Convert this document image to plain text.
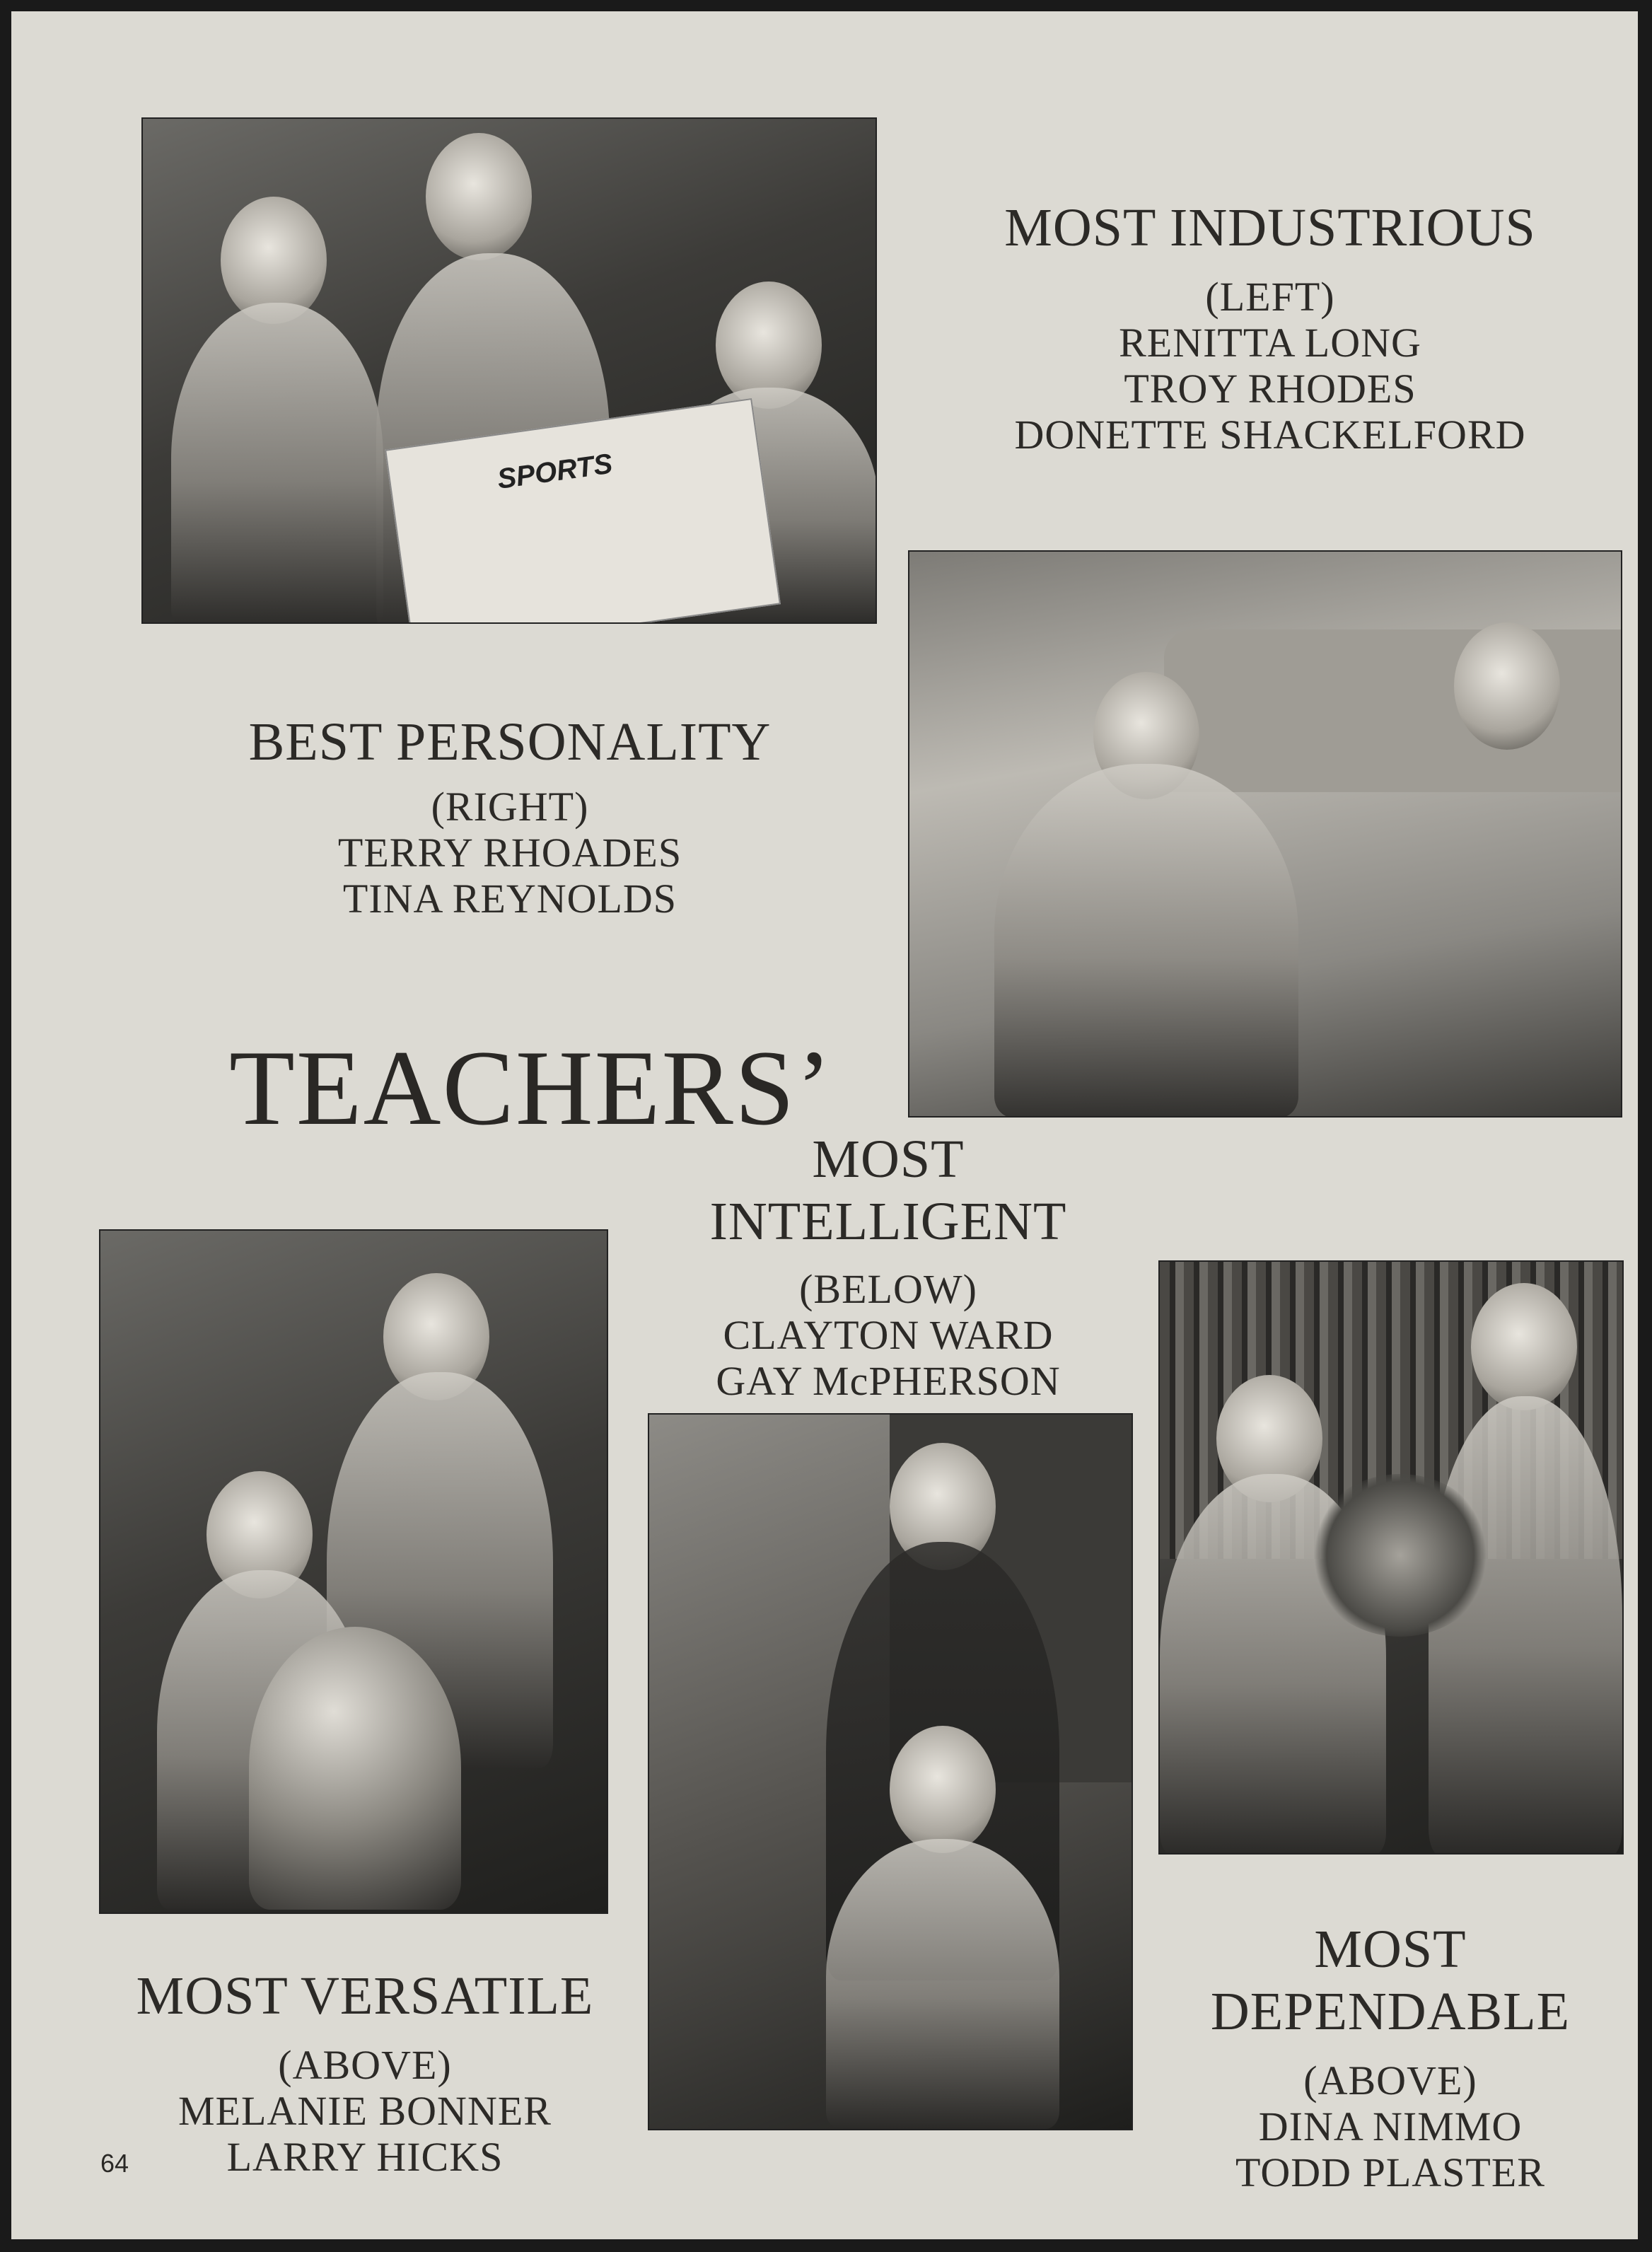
SPORTS
MOST INDUSTRIOUS
(LEFT)
RENITTA LONG
TROY RHODES
DONETTE SHACKELFORD
BEST PERSONALITY
(RIGHT)
TERRY RHOADES
TINA REYNOLDS
TEACHERS’
MOST
INTELLIGENT
(BELOW)
CLAYTON WARD
GAY McPHERSON
MOST VERSATILE
(ABOVE)
MELANIE BONNER
LARRY HICKS
MOST
DEPENDABLE
(ABOVE)
DINA NIMMO
TODD PLASTER
64
